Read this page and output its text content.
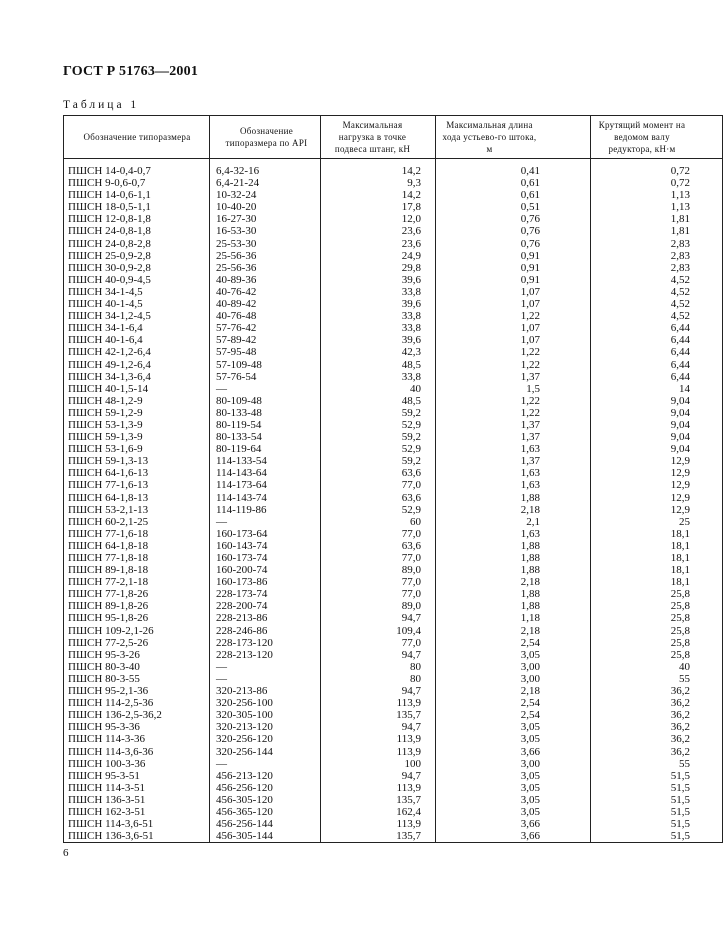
ГОСТ Р 51763—2001
Таблица 1
Обозначение типоразмера	Обозначение типоразмера по API	Максимальная нагрузка в точке подвеса штанг, кН	Максимальная длина хода устьево-го штока, м	Крутящий момент на ведомом валу редуктора, кН·м

ПШСН 14-0,4-0,7	6,4-32-16	14,2	0,41	0,72
ПШСН 9-0,6-0,7	6,4-21-24	9,3	0,61	0,72
ПШСН 14-0,6-1,1	10-32-24	14,2	0,61	1,13
ПШСН 18-0,5-1,1	10-40-20	17,8	0,51	1,13
ПШСН 12-0,8-1,8	16-27-30	12,0	0,76	1,81
ПШСН 24-0,8-1,8	16-53-30	23,6	0,76	1,81
ПШСН 24-0,8-2,8	25-53-30	23,6	0,76	2,83
ПШСН 25-0,9-2,8	25-56-36	24,9	0,91	2,83
ПШСН 30-0,9-2,8	25-56-36	29,8	0,91	2,83
ПШСН 40-0,9-4,5	40-89-36	39,6	0,91	4,52
ПШСН 34-1-4,5	40-76-42	33,8	1,07	4,52
ПШСН 40-1-4,5	40-89-42	39,6	1,07	4,52
ПШСН 34-1,2-4,5	40-76-48	33,8	1,22	4,52
ПШСН 34-1-6,4	57-76-42	33,8	1,07	6,44
ПШСН 40-1-6,4	57-89-42	39,6	1,07	6,44
ПШСН 42-1,2-6,4	57-95-48	42,3	1,22	6,44
ПШСН 49-1,2-6,4	57-109-48	48,5	1,22	6,44
ПШСН 34-1,3-6,4	57-76-54	33,8	1,37	6,44
ПШСН 40-1,5-14	—	40	1,5	14
ПШСН 48-1,2-9	80-109-48	48,5	1,22	9,04
ПШСН 59-1,2-9	80-133-48	59,2	1,22	9,04
ПШСН 53-1,3-9	80-119-54	52,9	1,37	9,04
ПШСН 59-1,3-9	80-133-54	59,2	1,37	9,04
ПШСН 53-1,6-9	80-119-64	52,9	1,63	9,04
ПШСН 59-1,3-13	114-133-54	59,2	1,37	12,9
ПШСН 64-1,6-13	114-143-64	63,6	1,63	12,9
ПШСН 77-1,6-13	114-173-64	77,0	1,63	12,9
ПШСН 64-1,8-13	114-143-74	63,6	1,88	12,9
ПШСН 53-2,1-13	114-119-86	52,9	2,18	12,9
ПШСН 60-2,1-25	—	60	2,1	25
ПШСН 77-1,6-18	160-173-64	77,0	1,63	18,1
ПШСН 64-1,8-18	160-143-74	63,6	1,88	18,1
ПШСН 77-1,8-18	160-173-74	77,0	1,88	18,1
ПШСН 89-1,8-18	160-200-74	89,0	1,88	18,1
ПШСН 77-2,1-18	160-173-86	77,0	2,18	18,1
ПШСН 77-1,8-26	228-173-74	77,0	1,88	25,8
ПШСН 89-1,8-26	228-200-74	89,0	1,88	25,8
ПШСН 95-1,8-26	228-213-86	94,7	1,18	25,8
ПШСН 109-2,1-26	228-246-86	109,4	2,18	25,8
ПШСН 77-2,5-26	228-173-120	77,0	2,54	25,8
ПШСН 95-3-26	228-213-120	94,7	3,05	25,8
ПШСН 80-3-40	—	80	3,00	40
ПШСН 80-3-55	—	80	3,00	55
ПШСН 95-2,1-36	320-213-86	94,7	2,18	36,2
ПШСН 114-2,5-36	320-256-100	113,9	2,54	36,2
ПШСН 136-2,5-36,2	320-305-100	135,7	2,54	36,2
ПШСН 95-3-36	320-213-120	94,7	3,05	36,2
ПШСН 114-3-36	320-256-120	113,9	3,05	36,2
ПШСН 114-3,6-36	320-256-144	113,9	3,66	36,2
ПШСН 100-3-36	—	100	3,00	55
ПШСН 95-3-51	456-213-120	94,7	3,05	51,5
ПШСН 114-3-51	456-256-120	113,9	3,05	51,5
ПШСН 136-3-51	456-305-120	135,7	3,05	51,5
ПШСН 162-3-51	456-365-120	162,4	3,05	51,5
ПШСН 114-3,6-51	456-256-144	113,9	3,66	51,5
ПШСН 136-3,6-51	456-305-144	135,7	3,66	51,5
6
